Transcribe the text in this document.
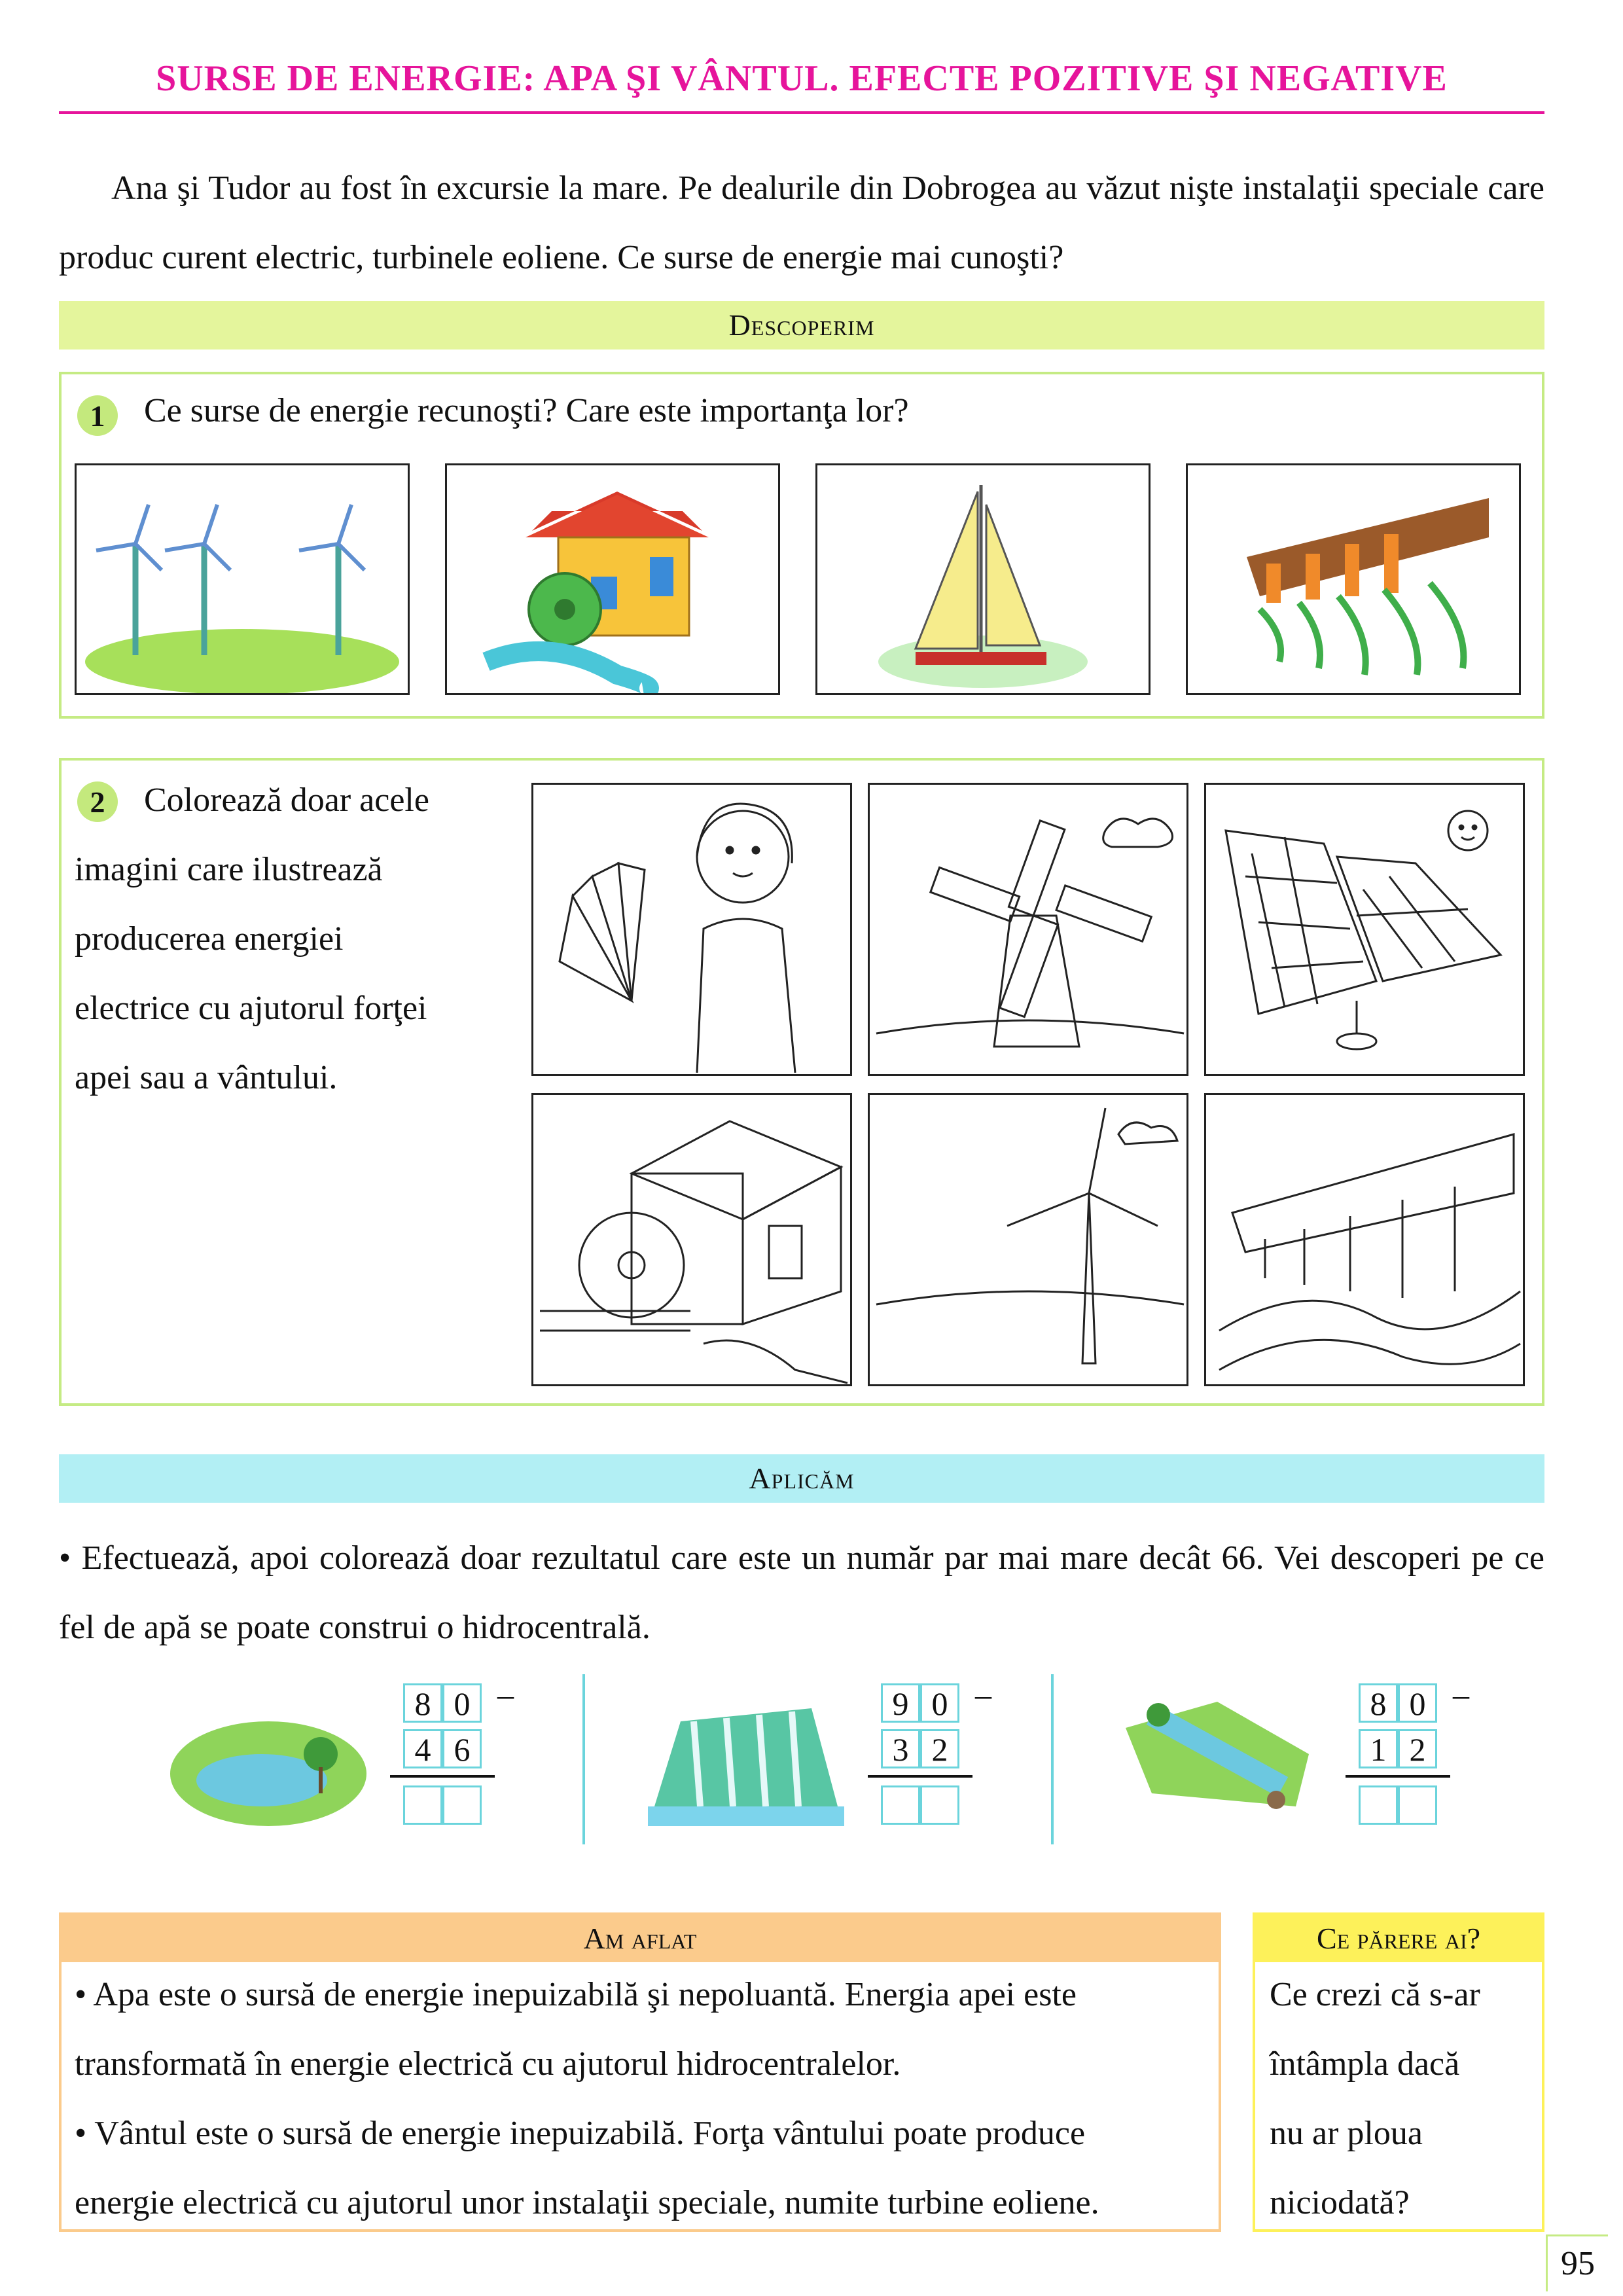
SURSE DE ENERGIE: APA ŞI VÂNTUL. EFECTE POZITIVE ŞI NEGATIVE
Ana şi Tudor au fost în excursie la mare. Pe dealurile din Dobrogea au văzut nişte instalaţii speciale care produc curent electric, turbinele eoliene. Ce surse de energie mai cunoşti?
Descoperim
1	Ce surse de energie recunoşti? Care este importanţa lor?
2	Colorează doar acele
imagini care ilustrează
producerea energiei
electrice cu ajutorul forţei
apei sau a vântului.
Aplicăm
• Efectuează, apoi colorează doar rezultatul care este un număr par mai mare decât 66. Vei descoperi pe ce fel de apă se poate construi o hidrocentrală.
8 0 –
4 6
9 0 –
3 2
8 0 –
1 2
Am aflat
• Apa este o sursă de energie inepuizabilă şi nepoluantă. Energia apei este
transformată în energie electrică cu ajutorul hidrocentralelor.
• Vântul este o sursă de energie inepuizabilă. Forţa vântului poate produce
energie electrică cu ajutorul unor instalaţii speciale, numite turbine eoliene.
Ce părere ai?
Ce crezi că s-ar
întâmpla dacă
nu ar ploua
niciodată?
95
